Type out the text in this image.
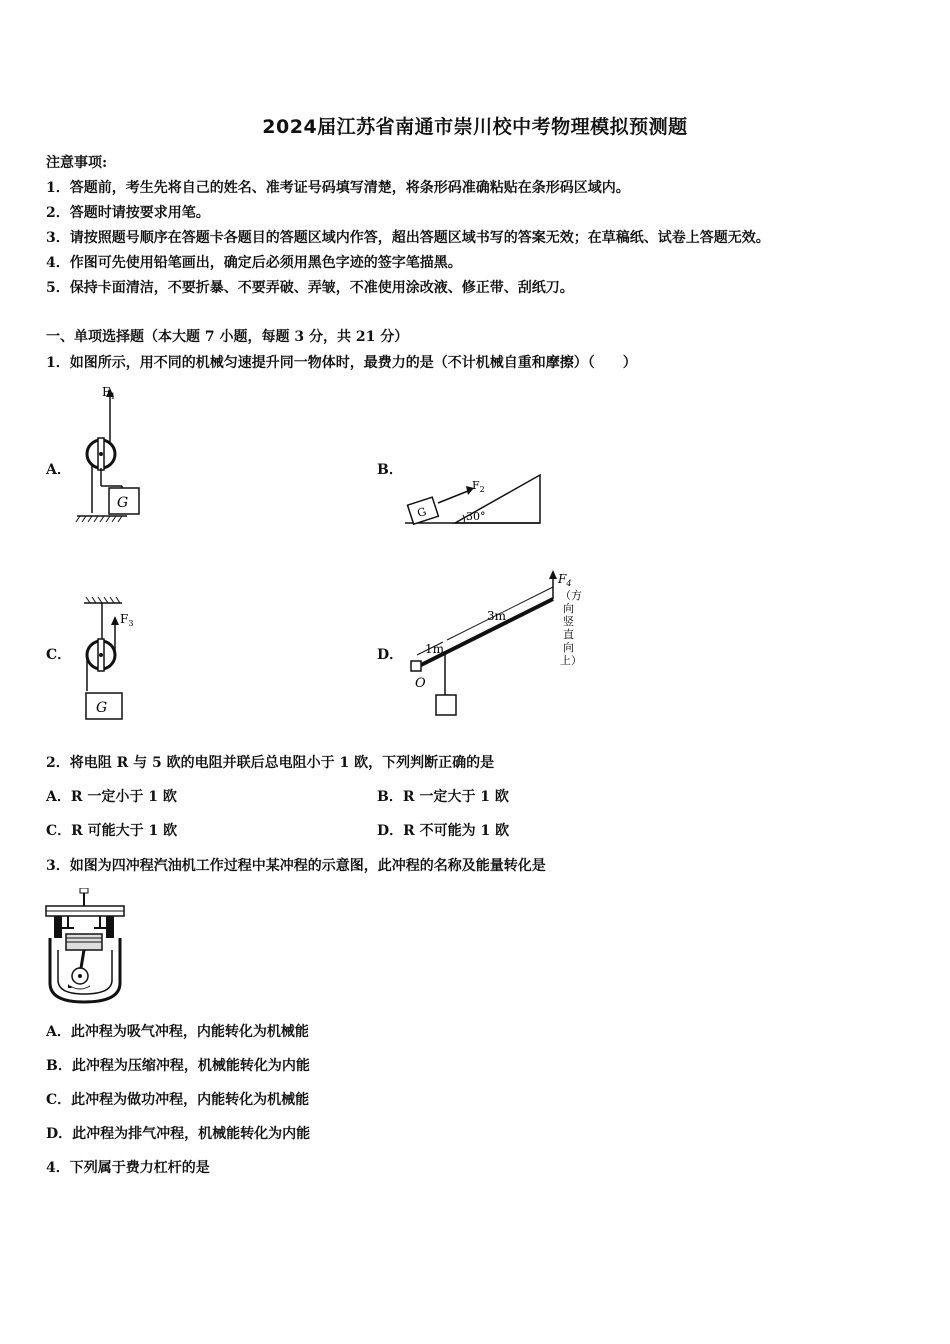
2024届江苏省南通市崇川校中考物理模拟预测题
注意事项:
1．答题前，考生先将自己的姓名、准考证号码填写清楚，将条形码准确粘贴在条形码区域内。
2．答题时请按要求用笔。
3．请按照题号顺序在答题卡各题目的答题区域内作答，超出答题区域书写的答案无效；在草稿纸、试卷上答题无效。
4．作图可先使用铅笔画出，确定后必须用黑色字迹的签字笔描黑。
5．保持卡面清洁，不要折暴、不要弄破、弄皱，不准使用涂改液、修正带、刮纸刀。
一、单项选择题（本大题 7 小题，每题 3 分，共 21 分）
1．如图所示，用不同的机械匀速提升同一物体时，最费力的是（不计机械自重和摩擦）（　　）
A．	B．
C．	D．
$F_1$
G
G
$F_2$
30°
$F_3$
G
O
$F_4$
（方
向
竖
直
向
上）
1m
3m
2．将电阻 R 与 5 欧的电阻并联后总电阻小于 1 欧，下列判断正确的是
A．R 一定小于 1 欧	B．R 一定大于 1 欧
C．R 可能大于 1 欧	D．R 不可能为 1 欧
3．如图为四冲程汽油机工作过程中某冲程的示意图，此冲程的名称及能量转化是
A．此冲程为吸气冲程，内能转化为机械能
B．此冲程为压缩冲程，机械能转化为内能
C．此冲程为做功冲程，内能转化为机械能
D．此冲程为排气冲程，机械能转化为内能
4．下列属于费力杠杆的是
